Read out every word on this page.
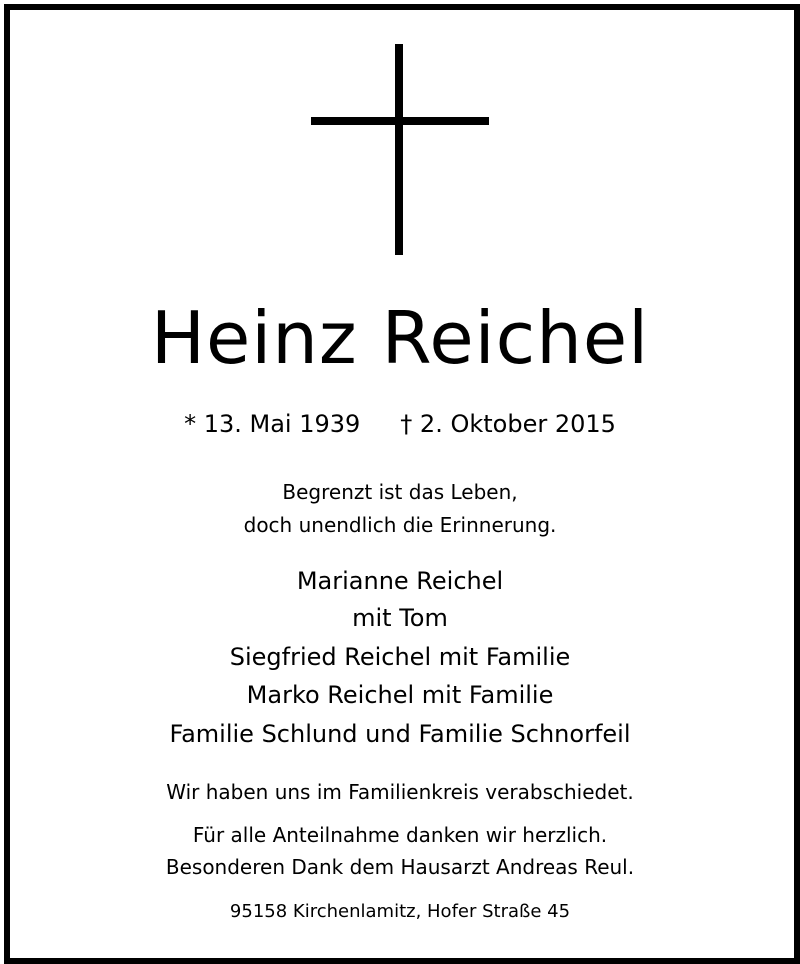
Heinz Reichel
* 13. Mai 1939 † 2. Oktober 2015
Begrenzt ist das Leben,
doch unendlich die Erinnerung.
Marianne Reichel
mit Tom
Siegfried Reichel mit Familie
Marko Reichel mit Familie
Familie Schlund und Familie Schnorfeil
Wir haben uns im Familienkreis verabschiedet.
Für alle Anteilnahme danken wir herzlich.
Besonderen Dank dem Hausarzt Andreas Reul.
95158 Kirchenlamitz, Hofer Straße 45
